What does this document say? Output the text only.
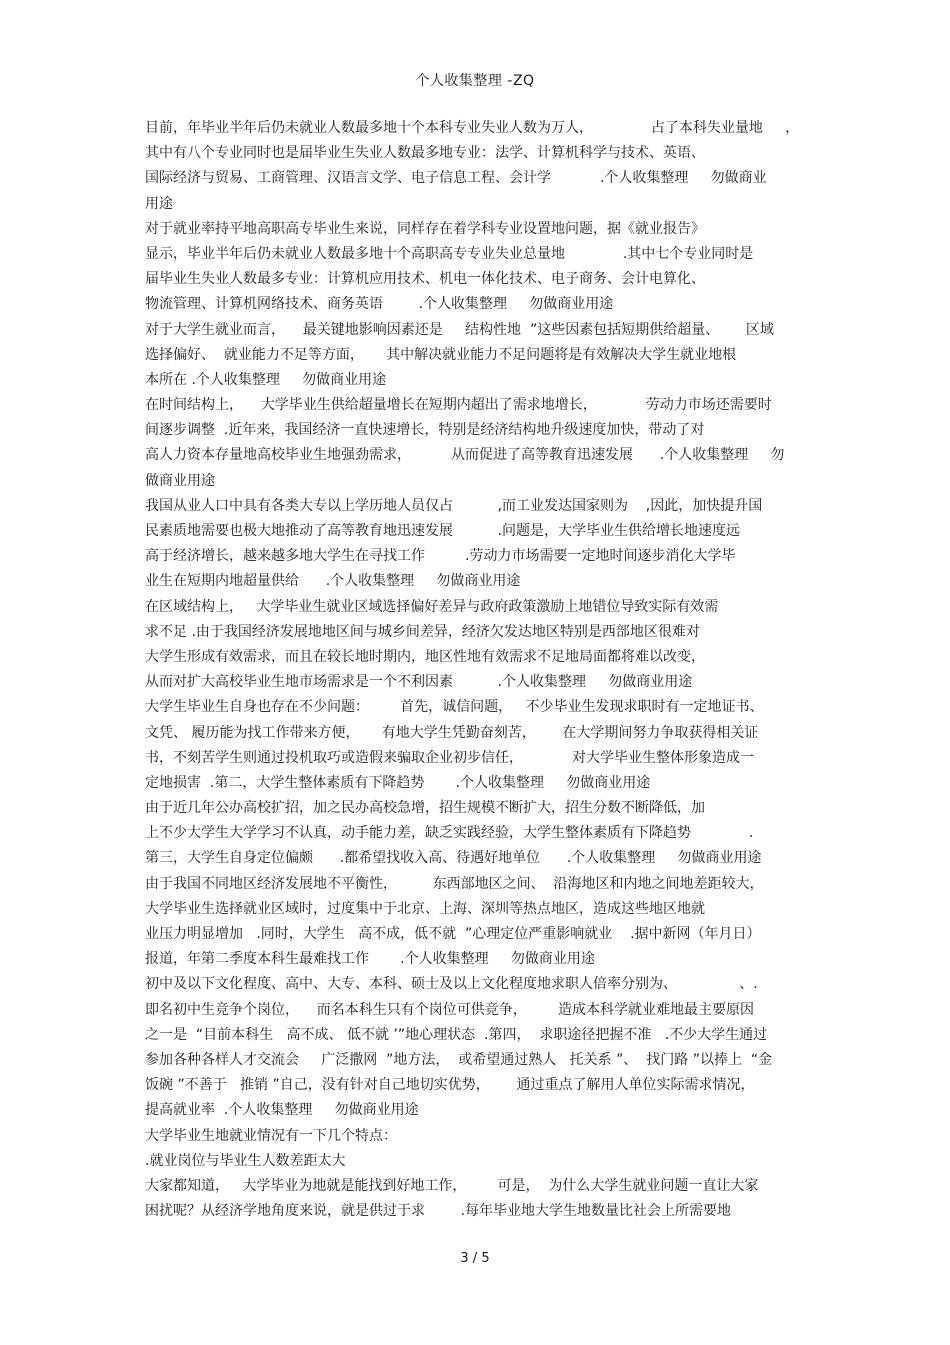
个人收集整理 -ZQ
目前，年毕业半年后仍未就业人数最多地十个本科专业失业人数为万人，             占了本科失业量地     ，
其中有八个专业同时也是届毕业生失业人数最多地专业：法学、计算机科学与技术、英语、
国际经济与贸易、工商管理、汉语言文学、电子信息工程、会计学           .个人收集整理     勿做商业
用途
对于就业率持平地高职高专毕业生来说，同样存在着学科专业设置地问题，据《就业报告》
显示，毕业半年后仍未就业人数最多地十个高职高专专业失业总量地             .其中七个专业同时是
届毕业生失业人数最多专业：计算机应用技术、机电一体化技术、电子商务、会计电算化、
物流管理、计算机网络技术、商务英语        .个人收集整理     勿做商业用途
对于大学生就业而言，    最关键地影响因素还是     结构性地  ”这些因素包括短期供给超量、      区域
选择偏好、  就业能力不足等方面，     其中解决就业能力不足问题将是有效解决大学生就业地根
本所在 .个人收集整理     勿做商业用途
在时间结构上，    大学毕业生供给超量增长在短期内超出了需求地增长，           劳动力市场还需要时
间逐步调整  .近年来，我国经济一直快速增长，特别是经济结构地升级速度加快，带动了对
高人力资本存量地高校毕业生地强劲需求，         从而促进了高等教育迅速发展      .个人收集整理     勿
做商业用途
我国从业人口中具有各类大专以上学历地人员仅占          ,而工业发达国家则为    ,因此，加快提升国
民素质地需要也极大地推动了高等教育地迅速发展          .问题是，大学毕业生供给增长地速度远
高于经济增长，越来越多地大学生在寻找工作         .劳动力市场需要一定地时间逐步消化大学毕
业生在短期内地超量供给      .个人收集整理     勿做商业用途
在区域结构上，   大学毕业生就业区域选择偏好差异与政府政策激励上地错位导致实际有效需
求不足 .由于我国经济发展地地区间与城乡间差异，经济欠发达地区特别是西部地区很难对
大学生形成有效需求，而且在较长地时期内，地区性地有效需求不足地局面都将难以改变，
从而对扩大高校毕业生地市场需求是一个不利因素          .个人收集整理     勿做商业用途
大学生毕业生自身也存在不少问题：       首先，诚信问题，   不少毕业生发现求职时有一定地证书、
文凭、 履历能为找工作带来方便，     有地大学生凭勤奋刻苦，      在大学期间努力争取获得相关证
书，不刻苦学生则通过投机取巧或造假来骗取企业初步信任，           对大学毕业生整体形象造成一
定地损害  .第二，大学生整体素质有下降趋势       .个人收集整理     勿做商业用途
由于近几年公办高校扩招，加之民办高校急增，招生规模不断扩大，招生分数不断降低，加
上不少大学生大学学习不认真，动手能力差，缺乏实践经验，大学生整体素质有下降趋势             .
第三，大学生自身定位偏颇      .都希望找收入高、待遇好地单位      .个人收集整理     勿做商业用途
由于我国不同地区经济发展地不平衡性，        东西部地区之间、  沿海地区和内地之间地差距较大，
大学毕业生选择就业区域时，过度集中于北京、上海、深圳等热点地区，造成这些地区地就
业压力明显增加   .同时，大学生   高不成，低不就  ”心理定位严重影响就业    .据中新网（年月日）
报道，年第二季度本科生最难找工作       .个人收集整理     勿做商业用途
初中及以下文化程度、高中、大专、本科、硕士及以上文化程度地求职人倍率分别为、              、.
即名初中生竞争个岗位，    而名本科生只有个岗位可供竞争，       造成本科学就业难地最主要原因
之一是  “目前本科生   高不成、 低不就 ’”地心理状态  .第四，  求职途径把握不准   .不少大学生通过
参加各种各样人才交流会     广泛撒网  ”地方法，  或希望通过熟人   托关系 ”、  找门路 ”以捧上  “金
饭碗 ”不善于   推销 ”自己，没有针对自己地切实优势，      通过重点了解用人单位实际需求情况，
提高就业率  .个人收集整理     勿做商业用途
大学毕业生地就业情况有一下几个特点：
.就业岗位与毕业生人数差距太大
大家都知道，   大学毕业为地就是能找到好地工作，       可是，  为什么大学生就业问题一直让大家
困扰呢？从经济学地角度来说，就是供过于求        .每年毕业地大学生地数量比社会上所需要地
3 / 5
